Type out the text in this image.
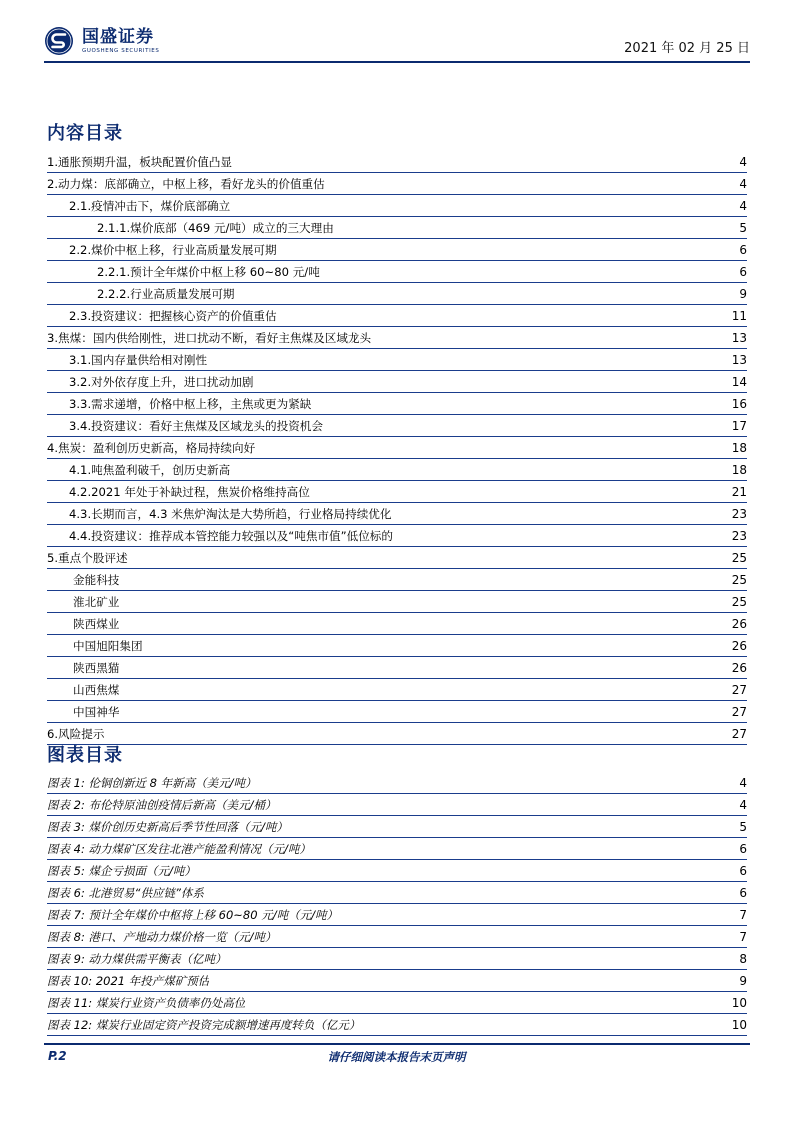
国盛证券
GUOSHENG SECURITIES	2021 年 02 月 25 日
内容目录
1.通胀预期升温，板块配置价值凸显	4
2.动力煤：底部确立，中枢上移，看好龙头的价值重估	4
2.1.疫情冲击下，煤价底部确立	4
2.1.1.煤价底部（469 元/吨）成立的三大理由	5
2.2.煤价中枢上移，行业高质量发展可期	6
2.2.1.预计全年煤价中枢上移 60~80 元/吨	6
2.2.2.行业高质量发展可期	9
2.3.投资建议：把握核心资产的价值重估	11
3.焦煤：国内供给刚性，进口扰动不断，看好主焦煤及区域龙头	13
3.1.国内存量供给相对刚性	13
3.2.对外依存度上升，进口扰动加剧	14
3.3.需求递增，价格中枢上移，主焦或更为紧缺	16
3.4.投资建议：看好主焦煤及区域龙头的投资机会	17
4.焦炭：盈利创历史新高，格局持续向好	18
4.1.吨焦盈利破千，创历史新高	18
4.2.2021 年处于补缺过程，焦炭价格维持高位	21
4.3.长期而言，4.3 米焦炉淘汰是大势所趋，行业格局持续优化	23
4.4.投资建议：推荐成本管控能力较强以及“吨焦市值”低位标的	23
5.重点个股评述	25
金能科技	25
淮北矿业	25
陕西煤业	26
中国旭阳集团	26
陕西黑猫	26
山西焦煤	27
中国神华	27
6.风险提示	27
图表目录
图表 1: 伦铜创新近 8 年新高（美元/吨）	4
图表 2: 布伦特原油创疫情后新高（美元/桶）	4
图表 3: 煤价创历史新高后季节性回落（元/吨）	5
图表 4: 动力煤矿区发往北港产能盈利情况（元/吨）	6
图表 5: 煤企亏损面（元/吨）	6
图表 6: 北港贸易“供应链”体系	6
图表 7: 预计全年煤价中枢将上移 60~80 元/吨（元/吨）	7
图表 8: 港口、产地动力煤价格一览（元/吨）	7
图表 9: 动力煤供需平衡表（亿吨）	8
图表 10: 2021 年投产煤矿预估	9
图表 11: 煤炭行业资产负债率仍处高位	10
图表 12: 煤炭行业固定资产投资完成额增速再度转负（亿元）	10
P.2	请仔细阅读本报告末页声明
